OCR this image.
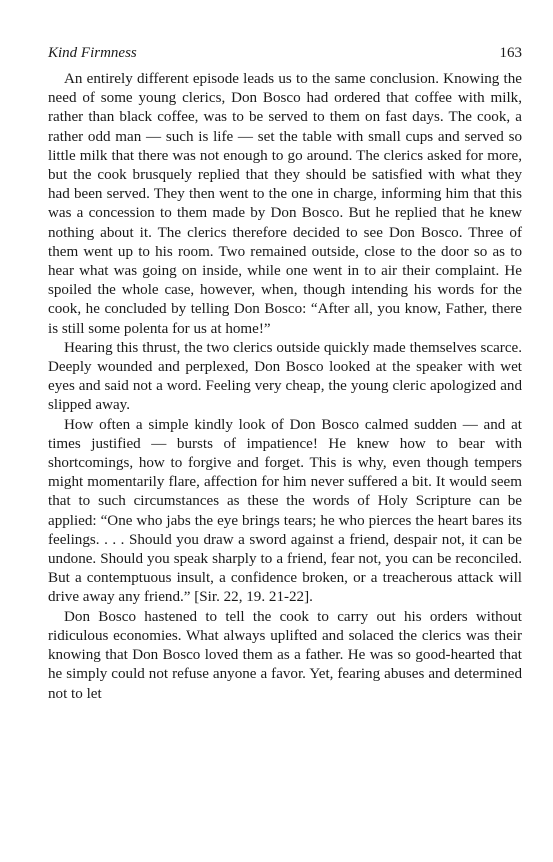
Kind Firmness	163

An entirely different episode leads us to the same conclusion. Knowing the need of some young clerics, Don Bosco had ordered that coffee with milk, rather than black coffee, was to be served to them on fast days. The cook, a rather odd man — such is life — set the table with small cups and served so little milk that there was not enough to go around. The clerics asked for more, but the cook brusquely replied that they should be satisfied with what they had been served. They then went to the one in charge, informing him that this was a concession to them made by Don Bosco. But he replied that he knew nothing about it. The clerics therefore decided to see Don Bosco. Three of them went up to his room. Two remained outside, close to the door so as to hear what was going on inside, while one went in to air their complaint. He spoiled the whole case, however, when, though intending his words for the cook, he concluded by telling Don Bosco: “After all, you know, Father, there is still some polenta for us at home!”

Hearing this thrust, the two clerics outside quickly made themselves scarce. Deeply wounded and perplexed, Don Bosco looked at the speaker with wet eyes and said not a word. Feeling very cheap, the young cleric apologized and slipped away.

How often a simple kindly look of Don Bosco calmed sudden — and at times justified — bursts of impatience! He knew how to bear with shortcomings, how to forgive and forget. This is why, even though tempers might momentarily flare, affection for him never suffered a bit. It would seem that to such circumstances as these the words of Holy Scripture can be applied: “One who jabs the eye brings tears; he who pierces the heart bares its feelings. . . . Should you draw a sword against a friend, despair not, it can be undone. Should you speak sharply to a friend, fear not, you can be reconciled. But a contemptuous insult, a confidence broken, or a treacherous attack will drive away any friend.” [Sir. 22, 19. 21-22].

Don Bosco hastened to tell the cook to carry out his orders without ridiculous economies. What always uplifted and solaced the clerics was their knowing that Don Bosco loved them as a father. He was so good-hearted that he simply could not refuse anyone a favor. Yet, fearing abuses and determined not to let
